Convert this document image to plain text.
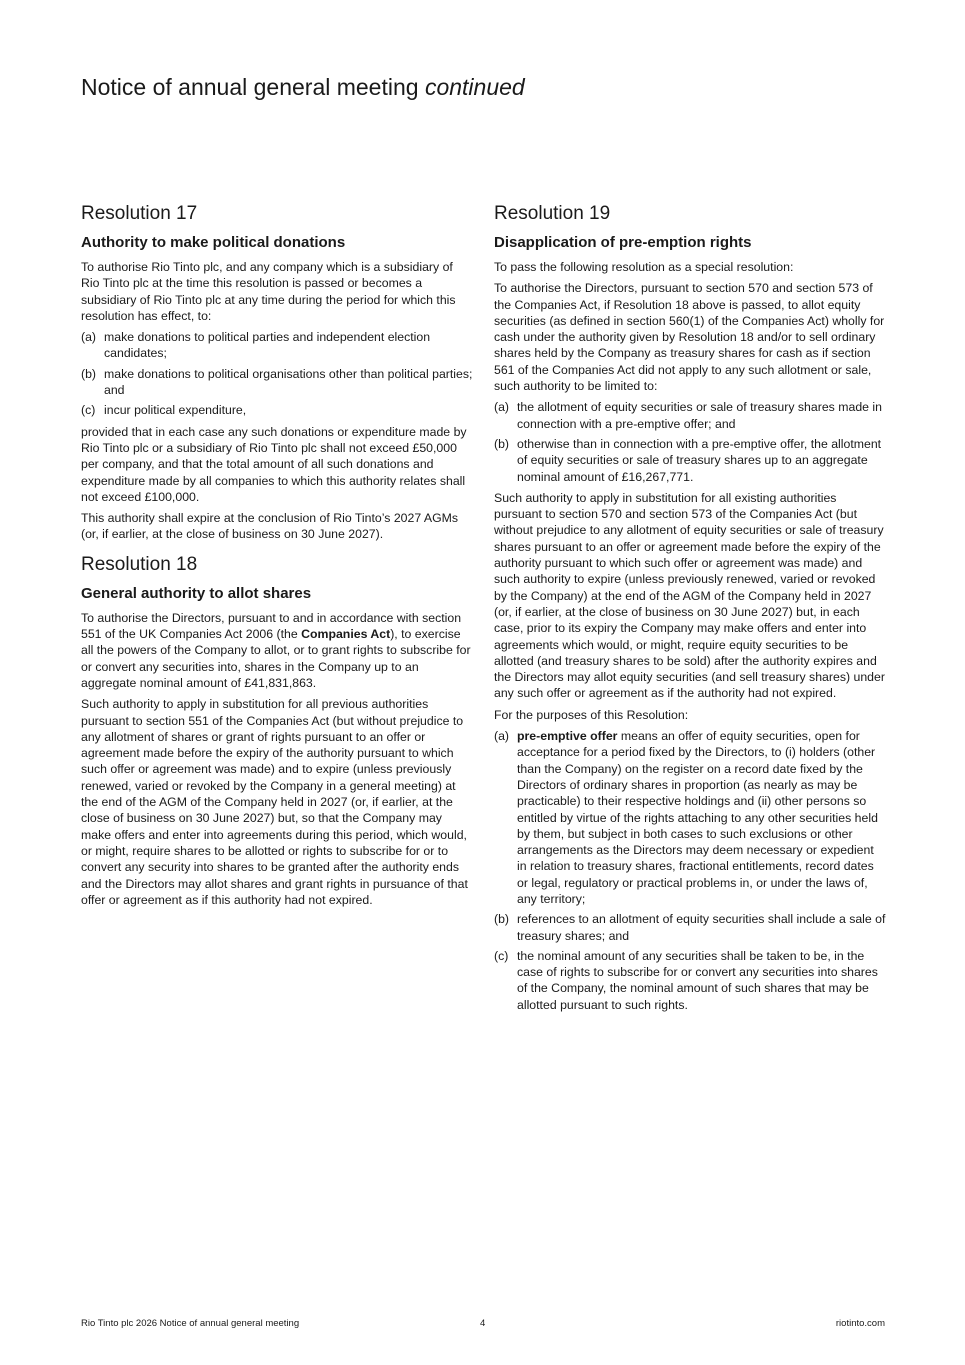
Notice of annual general meeting continued
Resolution 17
Authority to make political donations

To authorise Rio Tinto plc, and any company which is a subsidiary of Rio Tinto plc at the time this resolution is passed or becomes a subsidiary of Rio Tinto plc at any time during the period for which this resolution has effect, to:

(a) make donations to political parties and independent election candidates;
(b) make donations to political organisations other than political parties; and
(c) incur political expenditure,

provided that in each case any such donations or expenditure made by Rio Tinto plc or a subsidiary of Rio Tinto plc shall not exceed £50,000 per company, and that the total amount of all such donations and expenditure made by all companies to which this authority relates shall not exceed £100,000.

This authority shall expire at the conclusion of Rio Tinto’s 2027 AGMs (or, if earlier, at the close of business on 30 June 2027).

Resolution 18
General authority to allot shares

To authorise the Directors, pursuant to and in accordance with section 551 of the UK Companies Act 2006 (the Companies Act), to exercise all the powers of the Company to allot, or to grant rights to subscribe for or convert any securities into, shares in the Company up to an aggregate nominal amount of £41,831,863.

Such authority to apply in substitution for all previous authorities pursuant to section 551 of the Companies Act (but without prejudice to any allotment of shares or grant of rights pursuant to an offer or agreement made before the expiry of the authority pursuant to which such offer or agreement was made) and to expire (unless previously renewed, varied or revoked by the Company in a general meeting) at the end of the AGM of the Company held in 2027 (or, if earlier, at the close of business on 30 June 2027) but, so that the Company may make offers and enter into agreements during this period, which would, or might, require shares to be allotted or rights to subscribe for or to convert any security into shares to be granted after the authority ends and the Directors may allot shares and grant rights in pursuance of that offer or agreement as if this authority had not expired.

Resolution 19
Disapplication of pre-emption rights

To pass the following resolution as a special resolution:

To authorise the Directors, pursuant to section 570 and section 573 of the Companies Act, if Resolution 18 above is passed, to allot equity securities (as defined in section 560(1) of the Companies Act) wholly for cash under the authority given by Resolution 18 and/or to sell ordinary shares held by the Company as treasury shares for cash as if section 561 of the Companies Act did not apply to any such allotment or sale, such authority to be limited to:

(a) the allotment of equity securities or sale of treasury shares made in connection with a pre-emptive offer; and
(b) otherwise than in connection with a pre-emptive offer, the allotment of equity securities or sale of treasury shares up to an aggregate nominal amount of £16,267,771.

Such authority to apply in substitution for all existing authorities pursuant to section 570 and section 573 of the Companies Act (but without prejudice to any allotment of equity securities or sale of treasury shares pursuant to an offer or agreement made before the expiry of the authority pursuant to which such offer or agreement was made) and such authority to expire (unless previously renewed, varied or revoked by the Company) at the end of the AGM of the Company held in 2027 (or, if earlier, at the close of business on 30 June 2027) but, in each case, prior to its expiry the Company may make offers and enter into agreements which would, or might, require equity securities to be allotted (and treasury shares to be sold) after the authority expires and the Directors may allot equity securities (and sell treasury shares) under any such offer or agreement as if the authority had not expired.

For the purposes of this Resolution:

(a) pre-emptive offer means an offer of equity securities, open for acceptance for a period fixed by the Directors, to (i) holders (other than the Company) on the register on a record date fixed by the Directors of ordinary shares in proportion (as nearly as may be practicable) to their respective holdings and (ii) other persons so entitled by virtue of the rights attaching to any other securities held by them, but subject in both cases to such exclusions or other arrangements as the Directors may deem necessary or expedient in relation to treasury shares, fractional entitlements, record dates or legal, regulatory or practical problems in, or under the laws of, any territory;
(b) references to an allotment of equity securities shall include a sale of treasury shares; and
(c) the nominal amount of any securities shall be taken to be, in the case of rights to subscribe for or convert any securities into shares of the Company, the nominal amount of such shares that may be allotted pursuant to such rights.
Rio Tinto plc 2026 Notice of annual general meeting	4	riotinto.com
